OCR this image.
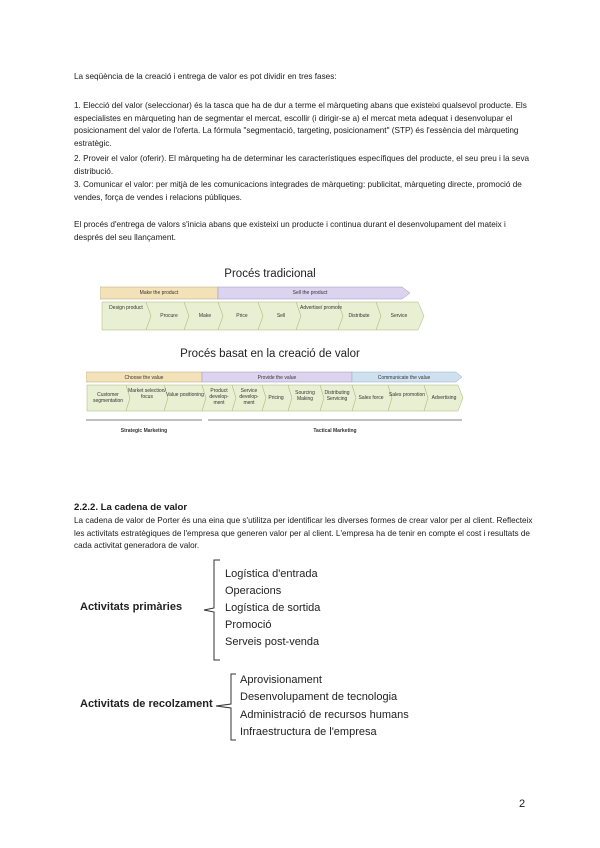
La seqüència de la creació i entrega de valor es pot dividir en tres fases:

1. Elecció del valor (seleccionar) és la tasca que ha de dur a terme el màrqueting abans que existeixi qualsevol producte. Els especialistes en màrqueting han de segmentar el mercat, escollir (i dirigir-se a) el mercat meta adequat i desenvolupar el posicionament del valor de l'oferta. La fórmula "segmentació, targeting, posicionament" (STP) és l'essència del màrqueting estratègic.

2. Proveir el valor (oferir). El màrqueting ha de determinar les característiques específiques del producte, el seu preu i la seva distribució.

3. Comunicar el valor: per mitjà de les comunicacions integrades de màrqueting: publicitat, màrqueting directe, promoció de vendes, força de vendes i relacions públiques.

El procés d'entrega de valors s'inicia abans que existeixi un producte i continua durant el desenvolupament del mateix i després del seu llançament.

Procés tradicional
Make the product	Sell the product
Design product
Procure	Make	Price	Sell
Advertise/ promote
Distribute	Service
Procés basat en la creació de valor
Choose the value	Provide the value	Communicate the value
Customer segmentation
Market selection/ focus	Value positioning
Product develop-ment
Service develop-ment
Pricing
Sourcing Making
Distributing Servicing	Sales force	Sales promotion	Advertising
Strategic Marketing	Tactical Marketing
2.2.2. La cadena de valor

La cadena de valor de Porter és una eina que s'utilitza per identificar les diverses formes de crear valor per al client. Reflecteix les activitats estratègiques de l'empresa que generen valor per al client. L'empresa ha de tenir en compte el cost i resultats de cada activitat generadora de valor.

Activitats primàries
Logística d'entrada
Operacions
Logística de sortida
Promoció
Serveis post-venda
Activitats de recolzament
Aprovisionament
Desenvolupament de tecnologia
Administració de recursos humans
Infraestructura de l'empresa
2
